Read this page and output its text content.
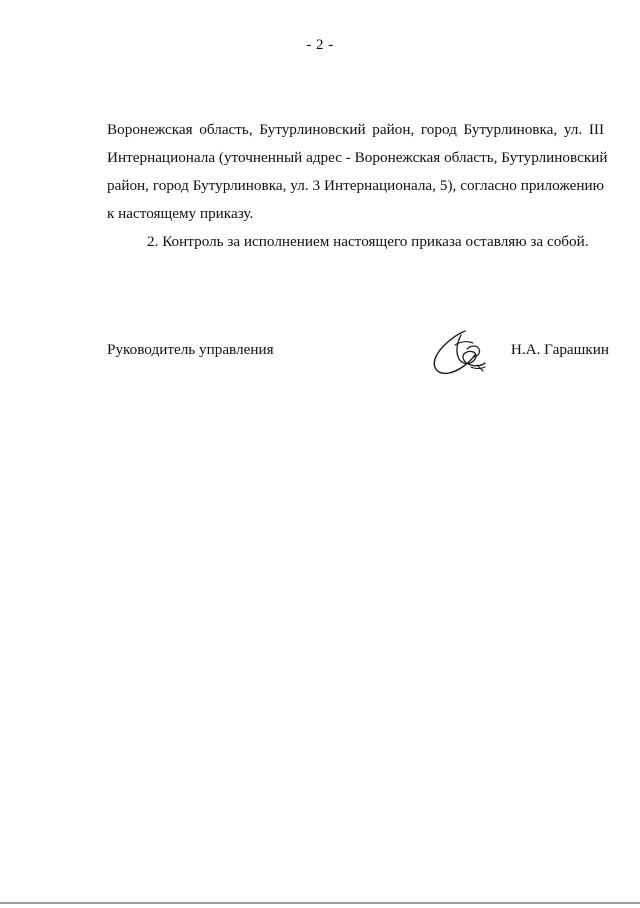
- 2 -

Воронежская область, Бутурлиновский район, город Бутурлиновка, ул. III
Интернационала (уточненный адрес - Воронежская область, Бутурлиновский
район, город Бутурлиновка, ул. 3 Интернационала, 5), согласно приложению
к настоящему приказу.

2. Контроль за исполнением настоящего приказа оставляю за собой.

Руководитель управления	Н.А. Гарашкин
